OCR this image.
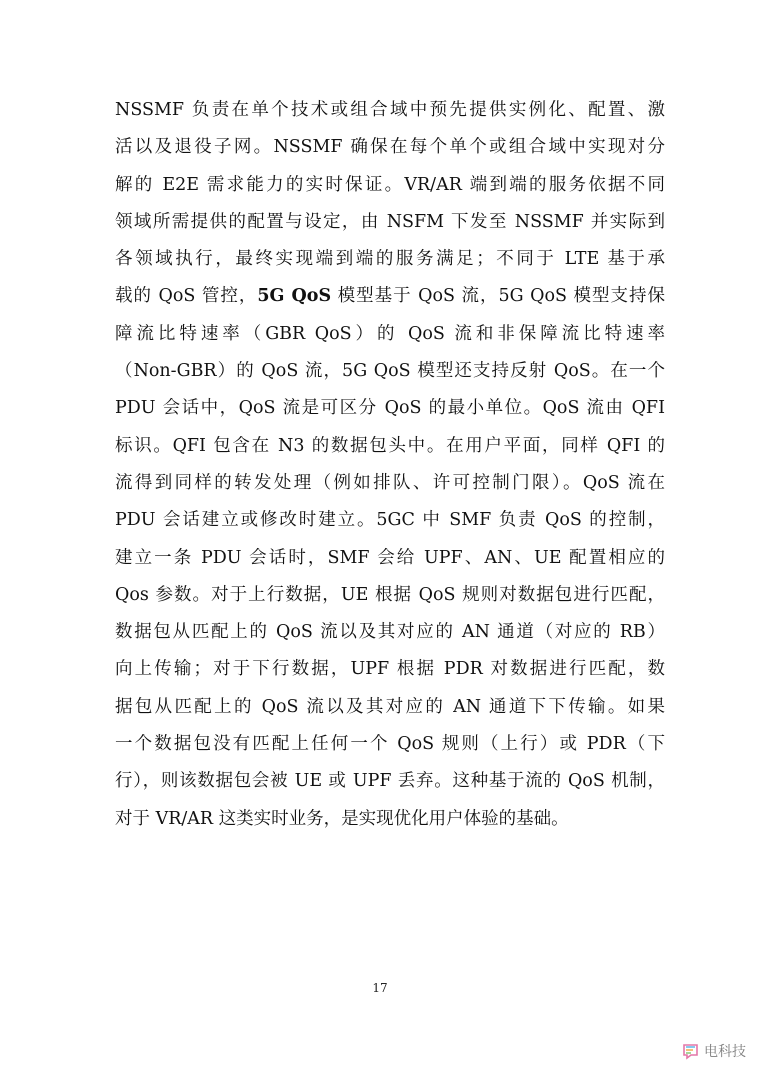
NSSMF 负责在单个技术或组合域中预先提供实例化、配置、激
活以及退役子网。NSSMF 确保在每个单个或组合域中实现对分
解的 E2E 需求能力的实时保证。VR/AR 端到端的服务依据不同
领域所需提供的配置与设定，由 NSFM 下发至 NSSMF 并实际到
各领域执行，最终实现端到端的服务满足；不同于 LTE 基于承
载的 QoS 管控，5G QoS 模型基于 QoS 流，5G QoS 模型支持保
障流比特速率（GBR QoS）的 QoS 流和非保障流比特速率
（Non-GBR）的 QoS 流，5G QoS 模型还支持反射 QoS。在一个
PDU 会话中，QoS 流是可区分 QoS 的最小单位。QoS 流由 QFI
标识。QFI 包含在 N3 的数据包头中。在用户平面，同样 QFI 的
流得到同样的转发处理（例如排队、许可控制门限）。QoS 流在
PDU 会话建立或修改时建立。5GC 中 SMF 负责 QoS 的控制，
建立一条 PDU 会话时，SMF 会给 UPF、AN、UE 配置相应的
Qos 参数。对于上行数据，UE 根据 QoS 规则对数据包进行匹配，
数据包从匹配上的 QoS 流以及其对应的 AN 通道（对应的 RB）
向上传输；对于下行数据，UPF 根据 PDR 对数据进行匹配，数
据包从匹配上的 QoS 流以及其对应的 AN 通道下下传输。如果
一个数据包没有匹配上任何一个 QoS 规则（上行）或 PDR（下
行），则该数据包会被 UE 或 UPF 丢弃。这种基于流的 QoS 机制，
对于 VR/AR 这类实时业务，是实现优化用户体验的基础。
17
电科技
